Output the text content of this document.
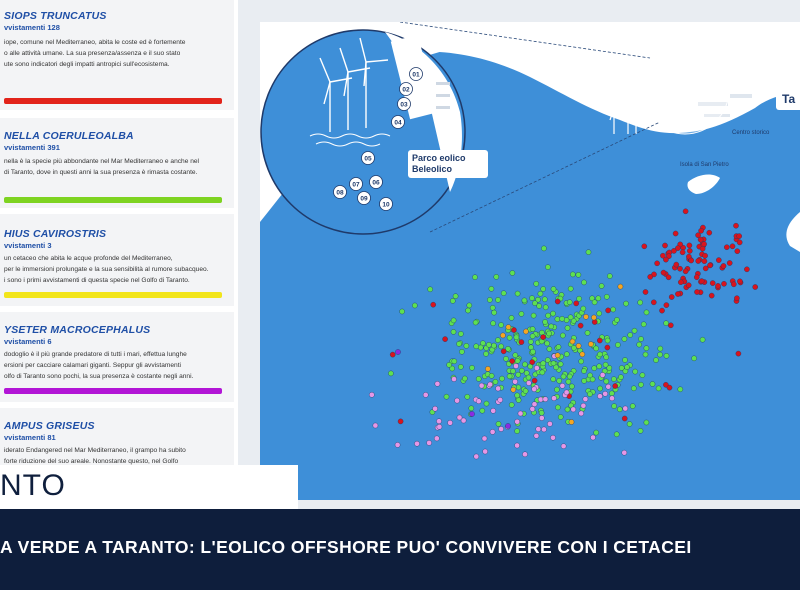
SIOPS TRUNCATUS
vvistamenti 128
iope, comune nel Mediterraneo, abita le coste ed è fortemente
o alle attività umane. La sua presenza/assenza e il suo stato
ute sono indicatori degli impatti antropici sull'ecosistema.
NELLA COERULEOALBA
vvistamenti 391
nella è la specie più abbondante nel Mar Mediterraneo e anche nel
di Taranto, dove in questi anni la sua presenza è rimasta costante.
HIUS CAVIROSTRIS
vvistamenti 3
un cetaceo che abita le acque profonde del Mediterraneo,
per le immersioni prolungate e la sua sensibilità al rumore subacqueo.
i sono i primi avvistamenti di questa specie nel Golfo di Taranto.
YSETER MACROCEPHALUS
vvistamenti 6
dodoglio è il più grande predatore di tutti i mari, effettua lunghe
ersioni per cacciare calamari giganti. Seppur gli avvistamenti
olfo di Taranto sono pochi, la sua presenza è costante negli anni.
AMPUS GRISEUS
vvistamenti 81
iderato Endangered nel Mar Mediterraneo, il grampo ha subito
forte riduzione del suo areale. Nonostante questo, nel Golfo
01
02
03
04
05
06
07
08
09
10
Centro storico
Isola di San Pietro
Parco eolico
Beleolico
Ta
NTO
A VERDE A TARANTO: L'EOLICO OFFSHORE PUO' CONVIVERE CON I CETACEI
